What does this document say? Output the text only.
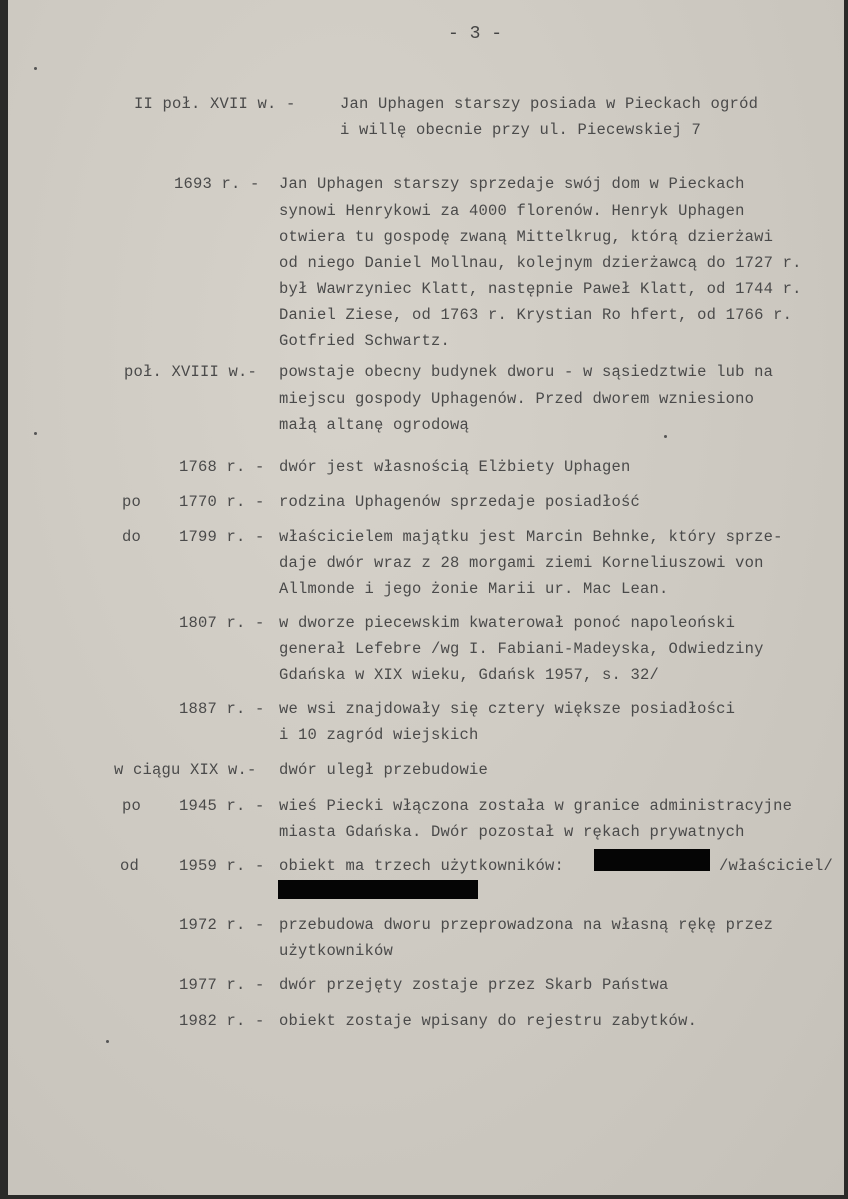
- 3 -
II poł. XVII w. -	Jan Uphagen starszy posiada w Pieckach ogród
i willę obecnie przy ul. Piecewskiej 7
1693 r. - Jan Uphagen starszy sprzedaje swój dom w Pieckach
synowi Henrykowi za 4000 florenów. Henryk Uphagen
otwiera tu gospodę zwaną Mittelkrug, którą dzierżawi
od niego Daniel Mollnau, kolejnym dzierżawcą do 1727 r.
był Wawrzyniec Klatt, następnie Paweł Klatt, od 1744 r.
Daniel Ziese, od 1763 r. Krystian Ro hfert, od 1766 r.
Gotfried Schwartz.
poł. XVIII w.- powstaje obecny budynek dworu - w sąsiedztwie lub na
miejscu gospody Uphagenów. Przed dworem wzniesiono
małą altanę ogrodową
1768 r. - dwór jest własnością Elżbiety Uphagen
po 1770 r. - rodzina Uphagenów sprzedaje posiadłość
do 1799 r. - właścicielem majątku jest Marcin Behnke, który sprze-
daje dwór wraz z 28 morgami ziemi Korneliuszowi von
Allmonde i jego żonie Marii ur. Mac Lean.
1807 r. - w dworze piecewskim kwaterował ponoć napoleoński
generał Lefebre /wg I. Fabiani-Madeyska, Odwiedziny
Gdańska w XIX wieku, Gdańsk 1957, s. 32/
1887 r. - we wsi znajdowały się cztery większe posiadłości
i 10 zagród wiejskich
w ciągu XIX w.- dwór uległ przebudowie
po 1945 r. - wieś Piecki włączona została w granice administracyjne
miasta Gdańska. Dwór pozostał w rękach prywatnych
od	1959 r. - obiekt ma trzech użytkowników:	/właściciel/
1972 r. - przebudowa dworu przeprowadzona na własną rękę przez
użytkowników
1977 r. - dwór przejęty zostaje przez Skarb Państwa
1982 r. - obiekt zostaje wpisany do rejestru zabytków.
